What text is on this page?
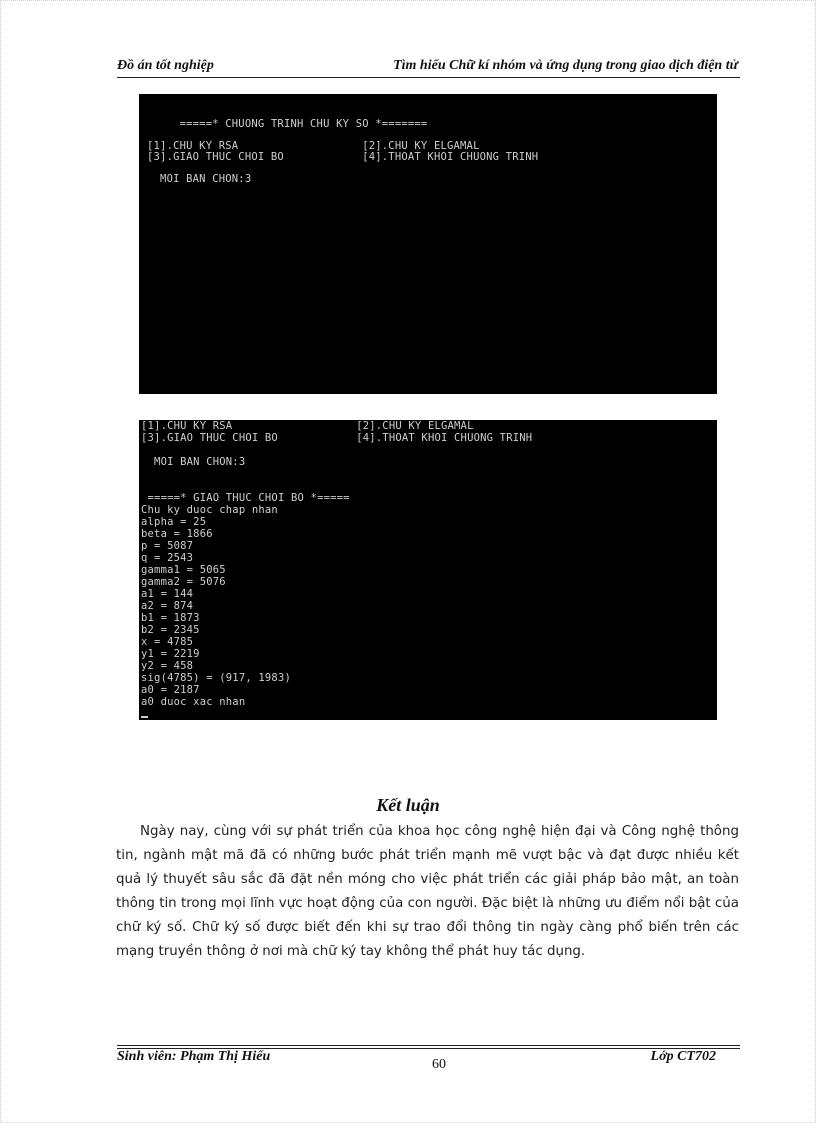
Đồ án tốt nghiệp	Tìm hiểu Chữ kí nhóm và ứng dụng trong giao dịch điện tử
=====* CHUONG TRINH CHU KY SO *=======
[1].CHU KY RSA                   [2].CHU KY ELGAMAL
[3].GIAO THUC CHOI BO            [4].THOAT KHOI CHUONG TRINH
MOI BAN CHON:3
[1].CHU KY RSA                   [2].CHU KY ELGAMAL
[3].GIAO THUC CHOI BO            [4].THOAT KHOI CHUONG TRINH
MOI BAN CHON:3
=====* GIAO THUC CHOI BO *=====
Chu ky duoc chap nhan
alpha = 25
beta = 1866
p = 5087
q = 2543
gamma1 = 5065
gamma2 = 5076
a1 = 144
a2 = 874
b1 = 1873
b2 = 2345
x = 4785
y1 = 2219
y2 = 458
sig(4785) = (917, 1983)
a0 = 2187
a0 duoc xac nhan
Kết luận
Ngày nay, cùng với sự phát triển của khoa học công nghệ hiện đại và Công nghệ thông tin, ngành mật mã đã có những bước phát triển mạnh mẽ vượt bậc và đạt được nhiều kết quả lý thuyết sâu sắc đã đặt nền móng cho việc phát triển các giải pháp bảo mật, an toàn thông tin trong mọi lĩnh vực hoạt động của con người. Đặc biệt là những ưu điểm nổi bật của chữ ký số. Chữ ký số được biết đến khi sự trao đổi thông tin ngày càng phổ biến trên các mạng truyền thông ở nơi mà chữ ký tay không thể phát huy tác dụng.
Sinh viên: Phạm Thị Hiểu
60
Lớp CT702
